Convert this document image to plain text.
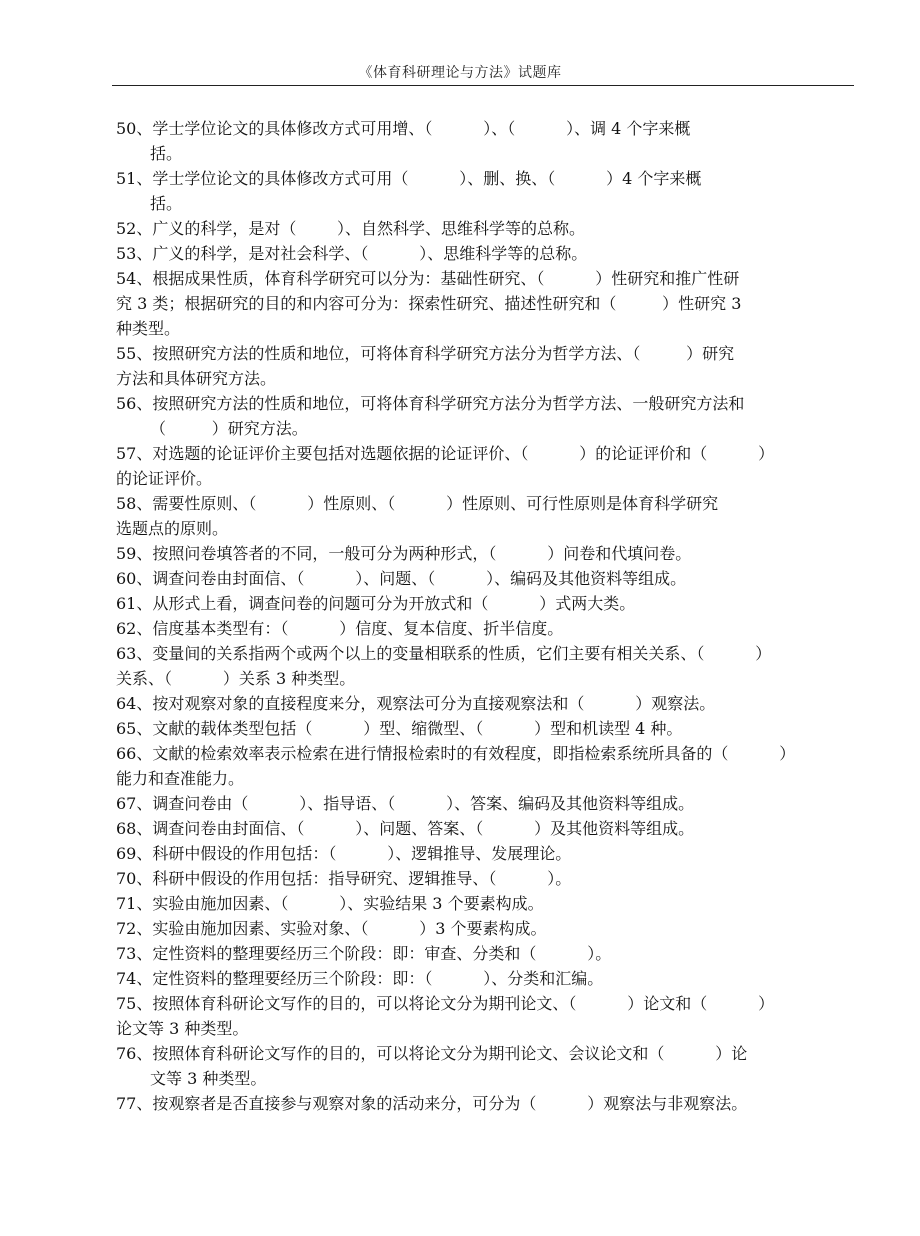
《体育科研理论与方法》试题库
50、学士学位论文的具体修改方式可用增、（          ）、（          ）、调 4 个字来概
括。
51、学士学位论文的具体修改方式可用（          ）、删、换、（          ）4 个字来概
括。
52、广义的科学，是对（        ）、自然科学、思维科学等的总称。
53、广义的科学，是对社会科学、（          ）、思维科学等的总称。
54、根据成果性质，体育科学研究可以分为：基础性研究、（          ）性研究和推广性研
究 3 类；根据研究的目的和内容可分为：探索性研究、描述性研究和（         ）性研究 3
种类型。
55、按照研究方法的性质和地位，可将体育科学研究方法分为哲学方法、（         ）研究
方法和具体研究方法。
56、按照研究方法的性质和地位，可将体育科学研究方法分为哲学方法、一般研究方法和
（         ）研究方法。
57、对选题的论证评价主要包括对选题依据的论证评价、（          ）的论证评价和（          ）
的论证评价。
58、需要性原则、（          ）性原则、（          ）性原则、可行性原则是体育科学研究
选题点的原则。
59、按照问卷填答者的不同，一般可分为两种形式，（          ）问卷和代填问卷。
60、调查问卷由封面信、（          ）、问题、（          ）、编码及其他资料等组成。
61、从形式上看，调查问卷的问题可分为开放式和（          ）式两大类。
62、信度基本类型有：（          ）信度、复本信度、折半信度。
63、变量间的关系指两个或两个以上的变量相联系的性质，它们主要有相关关系、（          ）
关系、（          ）关系 3 种类型。
64、按对观察对象的直接程度来分，观察法可分为直接观察法和（          ）观察法。
65、文献的载体类型包括（          ）型、缩微型、（          ）型和机读型 4 种。
66、文献的检索效率表示检索在进行情报检索时的有效程度，即指检索系统所具备的（          ）
能力和查准能力。
67、调查问卷由（          ）、指导语、（          ）、答案、编码及其他资料等组成。
68、调查问卷由封面信、（          ）、问题、答案、（          ）及其他资料等组成。
69、科研中假设的作用包括：（          ）、逻辑推导、发展理论。
70、科研中假设的作用包括：指导研究、逻辑推导、（          ）。
71、实验由施加因素、（          ）、实验结果 3 个要素构成。
72、实验由施加因素、实验对象、（          ）3 个要素构成。
73、定性资料的整理要经历三个阶段：即：审查、分类和（          ）。
74、定性资料的整理要经历三个阶段：即：（          ）、分类和汇编。
75、按照体育科研论文写作的目的，可以将论文分为期刊论文、（          ）论文和（          ）
论文等 3 种类型。
76、按照体育科研论文写作的目的，可以将论文分为期刊论文、会议论文和（          ）论
文等 3 种类型。
77、按观察者是否直接参与观察对象的活动来分，可分为（          ）观察法与非观察法。
